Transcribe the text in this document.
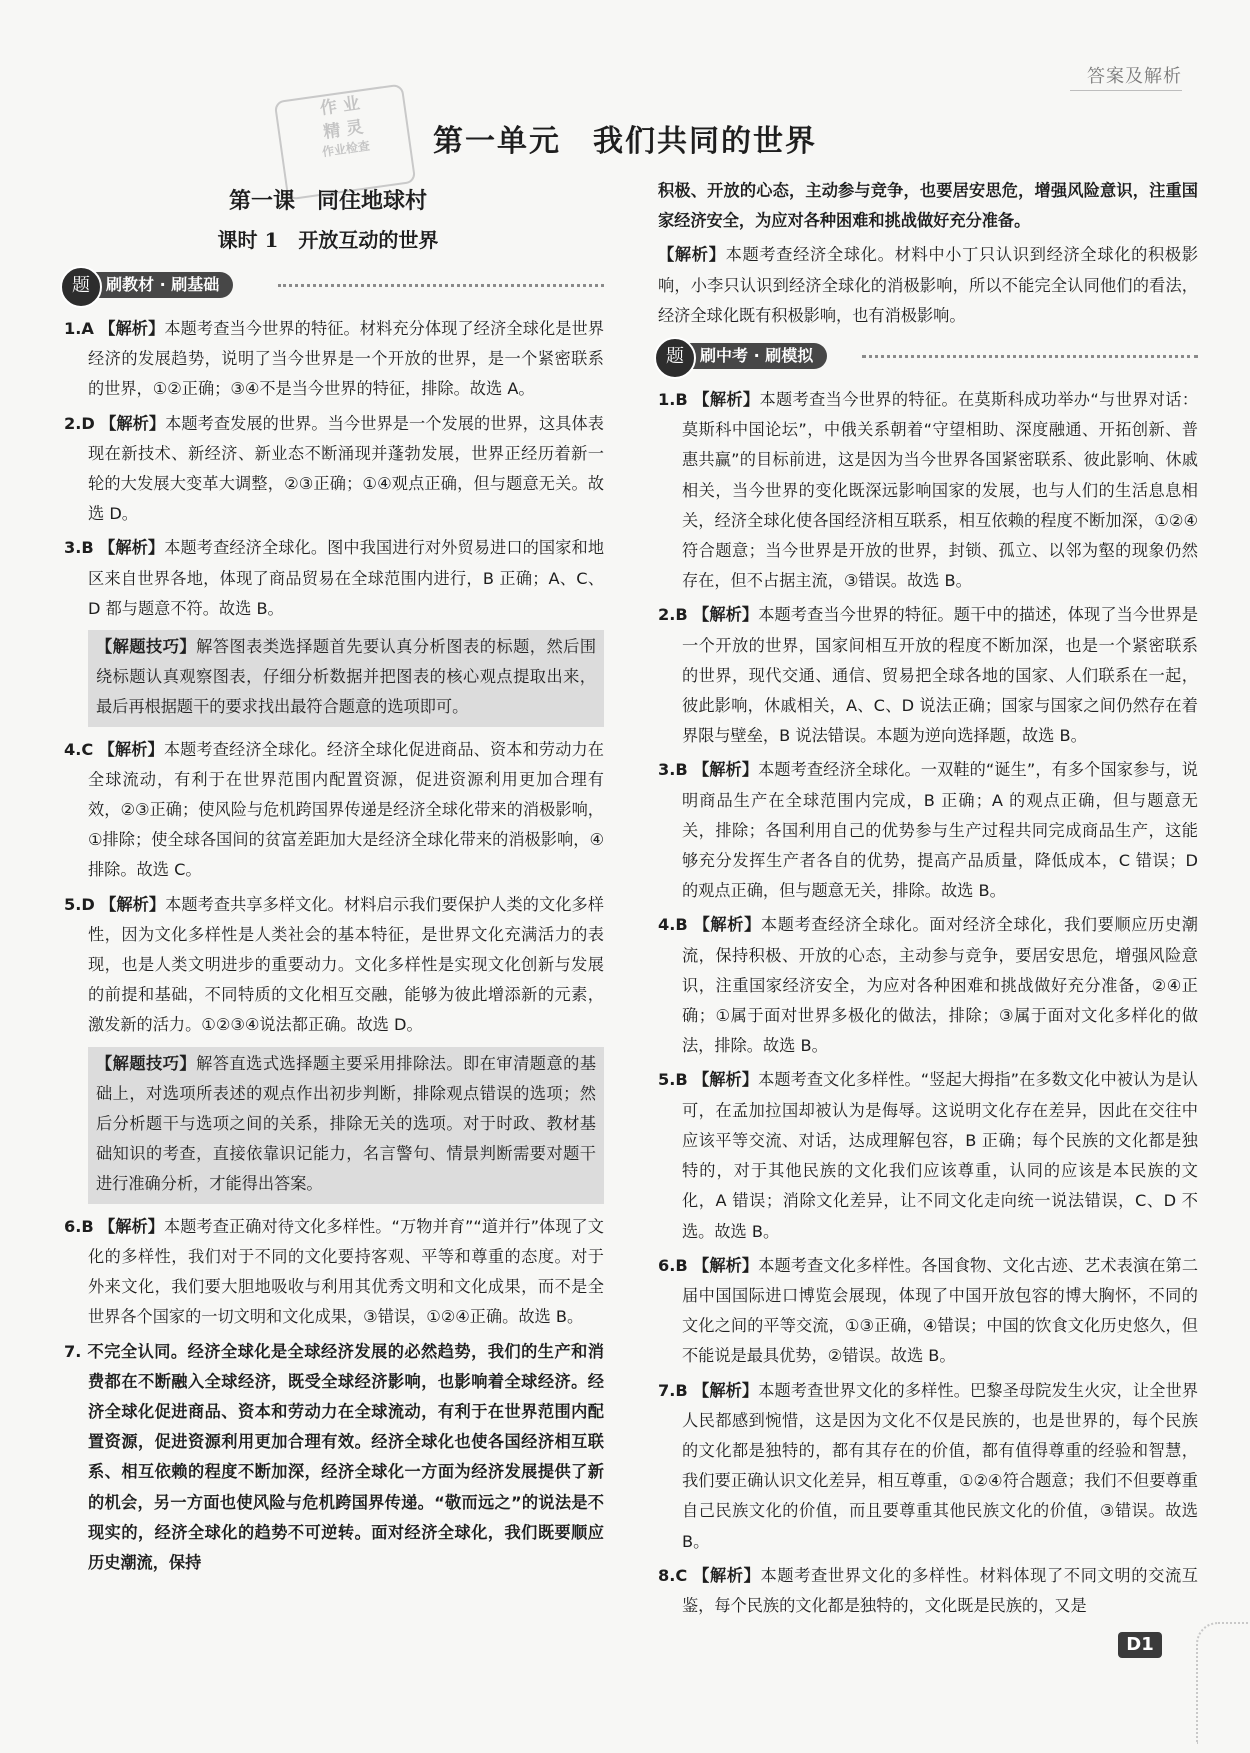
答案及解析
作 业
精 灵
作业检查	第一单元　我们共同的世界
第一课　同住地球村
课时 1　开放互动的世界
刷教材 · 刷基础
题

1.A 【解析】本题考查当今世界的特征。材料充分体现了经济全球化是世界经济的发展趋势，说明了当今世界是一个开放的世界，是一个紧密联系的世界，①②正确；③④不是当今世界的特征，排除。故选 A。

2.D 【解析】本题考查发展的世界。当今世界是一个发展的世界，这具体表现在新技术、新经济、新业态不断涌现并蓬勃发展，世界正经历着新一轮的大发展大变革大调整，②③正确；①④观点正确，但与题意无关。故选 D。

3.B 【解析】本题考查经济全球化。图中我国进行对外贸易进口的国家和地区来自世界各地，体现了商品贸易在全球范围内进行，B 正确；A、C、D 都与题意不符。故选 B。

【解题技巧】解答图表类选择题首先要认真分析图表的标题，然后围绕标题认真观察图表，仔细分析数据并把图表的核心观点提取出来，最后再根据题干的要求找出最符合题意的选项即可。

4.C 【解析】本题考查经济全球化。经济全球化促进商品、资本和劳动力在全球流动，有利于在世界范围内配置资源，促进资源利用更加合理有效，②③正确；使风险与危机跨国界传递是经济全球化带来的消极影响，①排除；使全球各国间的贫富差距加大是经济全球化带来的消极影响，④排除。故选 C。

5.D 【解析】本题考查共享多样文化。材料启示我们要保护人类的文化多样性，因为文化多样性是人类社会的基本特征，是世界文化充满活力的表现，也是人类文明进步的重要动力。文化多样性是实现文化创新与发展的前提和基础，不同特质的文化相互交融，能够为彼此增添新的元素，激发新的活力。①②③④说法都正确。故选 D。

【解题技巧】解答直选式选择题主要采用排除法。即在审清题意的基础上，对选项所表述的观点作出初步判断，排除观点错误的选项；然后分析题干与选项之间的关系，排除无关的选项。对于时政、教材基础知识的考查，直接依靠识记能力，名言警句、情景判断需要对题干进行准确分析，才能得出答案。

6.B 【解析】本题考查正确对待文化多样性。“万物并育”“道并行”体现了文化的多样性，我们对于不同的文化要持客观、平等和尊重的态度。对于外来文化，我们要大胆地吸收与利用其优秀文明和文化成果，而不是全世界各个国家的一切文明和文化成果，③错误，①②④正确。故选 B。

7. 不完全认同。经济全球化是全球经济发展的必然趋势，我们的生产和消费都在不断融入全球经济，既受全球经济影响，也影响着全球经济。经济全球化促进商品、资本和劳动力在全球流动，有利于在世界范围内配置资源，促进资源利用更加合理有效。经济全球化也使各国经济相互联系、相互依赖的程度不断加深，经济全球化一方面为经济发展提供了新的机会，另一方面也使风险与危机跨国界传递。“敬而远之”的说法是不现实的，经济全球化的趋势不可逆转。面对经济全球化，我们既要顺应历史潮流，保持

积极、开放的心态，主动参与竞争，也要居安思危，增强风险意识，注重国家经济安全，为应对各种困难和挑战做好充分准备。

【解析】本题考查经济全球化。材料中小丁只认识到经济全球化的积极影响，小李只认识到经济全球化的消极影响，所以不能完全认同他们的看法，经济全球化既有积极影响，也有消极影响。

刷中考 · 刷模拟
题

1.B 【解析】本题考查当今世界的特征。在莫斯科成功举办“与世界对话：莫斯科中国论坛”，中俄关系朝着“守望相助、深度融通、开拓创新、普惠共赢”的目标前进，这是因为当今世界各国紧密联系、彼此影响、休戚相关，当今世界的变化既深远影响国家的发展，也与人们的生活息息相关，经济全球化使各国经济相互联系，相互依赖的程度不断加深，①②④符合题意；当今世界是开放的世界，封锁、孤立、以邻为壑的现象仍然存在，但不占据主流，③错误。故选 B。

2.B 【解析】本题考查当今世界的特征。题干中的描述，体现了当今世界是一个开放的世界，国家间相互开放的程度不断加深，也是一个紧密联系的世界，现代交通、通信、贸易把全球各地的国家、人们联系在一起，彼此影响，休戚相关，A、C、D 说法正确；国家与国家之间仍然存在着界限与壁垒，B 说法错误。本题为逆向选择题，故选 B。

3.B 【解析】本题考查经济全球化。一双鞋的“诞生”，有多个国家参与，说明商品生产在全球范围内完成，B 正确；A 的观点正确，但与题意无关，排除；各国利用自己的优势参与生产过程共同完成商品生产，这能够充分发挥生产者各自的优势，提高产品质量，降低成本，C 错误；D 的观点正确，但与题意无关，排除。故选 B。

4.B 【解析】本题考查经济全球化。面对经济全球化，我们要顺应历史潮流，保持积极、开放的心态，主动参与竞争，要居安思危，增强风险意识，注重国家经济安全，为应对各种困难和挑战做好充分准备，②④正确；①属于面对世界多极化的做法，排除；③属于面对文化多样化的做法，排除。故选 B。

5.B 【解析】本题考查文化多样性。“竖起大拇指”在多数文化中被认为是认可，在孟加拉国却被认为是侮辱。这说明文化存在差异，因此在交往中应该平等交流、对话，达成理解包容，B 正确；每个民族的文化都是独特的，对于其他民族的文化我们应该尊重，认同的应该是本民族的文化，A 错误；消除文化差异，让不同文化走向统一说法错误，C、D 不选。故选 B。

6.B 【解析】本题考查文化多样性。各国食物、文化古迹、艺术表演在第二届中国国际进口博览会展现，体现了中国开放包容的博大胸怀，不同的文化之间的平等交流，①③正确，④错误；中国的饮食文化历史悠久，但不能说是最具优势，②错误。故选 B。

7.B 【解析】本题考查世界文化的多样性。巴黎圣母院发生火灾，让全世界人民都感到惋惜，这是因为文化不仅是民族的，也是世界的，每个民族的文化都是独特的，都有其存在的价值，都有值得尊重的经验和智慧，我们要正确认识文化差异，相互尊重，①②④符合题意；我们不但要尊重自己民族文化的价值，而且要尊重其他民族文化的价值，③错误。故选 B。

8.C 【解析】本题考查世界文化的多样性。材料体现了不同文明的交流互鉴，每个民族的文化都是独特的，文化既是民族的，又是

D1
